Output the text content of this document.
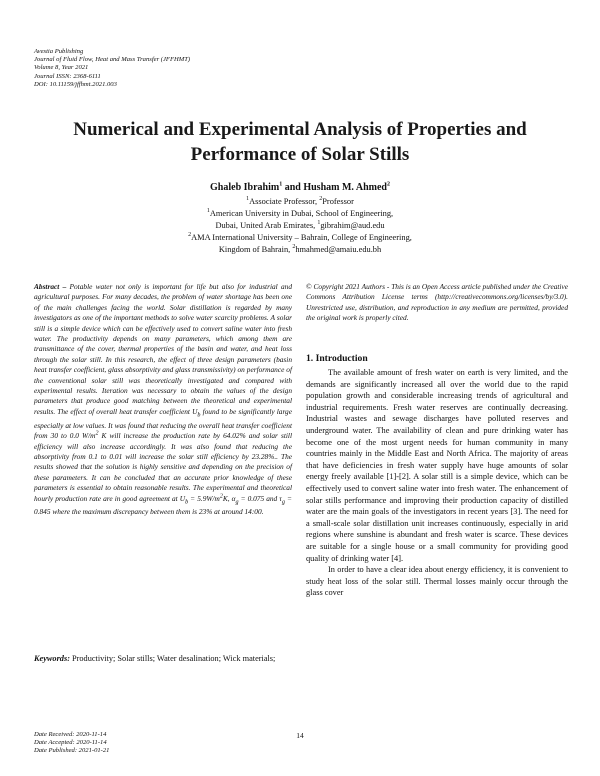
Avestia Publishing
Journal of Fluid Flow, Heat and Mass Transfer (JFFHMT)
Volume 8, Year 2021
Journal ISSN: 2368-6111
DOI: 10.11159/jffhmt.2021.003
Numerical and Experimental Analysis of Properties and Performance of Solar Stills
Ghaleb Ibrahim$^1$ and Husham M. Ahmed$^2$
$^1$Associate Professor, $^2$Professor
$^1$American University in Dubai, School of Engineering,
Dubai, United Arab Emirates, $^1$gibrahim@aud.edu
$^2$AMA International University – Bahrain, College of Engineering,
Kingdom of Bahrain, $^2$hmahmed@amaiu.edu.bh
Abstract – Potable water not only is important for life but also for industrial and agricultural purposes. For many decades, the problem of water shortage has been one of the main challenges facing the world. Solar distillation is regarded by many investigators as one of the important methods to solve water scarcity problems. A solar still is a simple device which can be effectively used to convert saline water into fresh water. The productivity depends on many parameters, which among them are transmittance of the cover, thermal properties of the basin and water, and heat loss through the solar still. In this research, the effect of three design parameters (basin heat transfer coefficient, glass absorptivity and glass transmissivity) on performance of the conventional solar still was theoretically investigated and compared with experimental results. Iteration was necessary to obtain the values of the design parameters that produce good matching between the theoretical and experimental results. The effect of overall heat transfer coefficient $U_b$ found to be significantly large especially at low values. It was found that reducing the overall heat transfer coefficient from 30 to 0.0 $W/m^2$ K will increase the production rate by 64.02% and solar still efficiency will also increase accordingly. It was also found that reducing the absorptivity from 0.1 to 0.01 will increase the solar still efficiency by 23.28%.. The results showed that the solution is highly sensitive and depending on the precision of these parameters. It can be concluded that an accurate prior knowledge of these parameters is essential to obtain reasonable results. The experimental and theoretical hourly production rate are in good agreement at $U_b = 5.9W/m^2K$, $\alpha_g = 0.075$ and $\tau_g = 0.845$ where the maximum discrepancy between them is 23% at around 14:00.
Keywords: Productivity; Solar stills; Water desalination; Wick materials;
© Copyright 2021 Authors - This is an Open Access article published under the Creative Commons Attribution License terms (http://creativecommons.org/licenses/by/3.0). Unrestricted use, distribution, and reproduction in any medium are permitted, provided the original work is properly cited.
1. Introduction

The available amount of fresh water on earth is very limited, and the demands are significantly increased all over the world due to the rapid population growth and considerable increasing trends of agricultural and industrial requirements. Fresh water reserves are continually decreasing. Industrial wastes and sewage discharges have polluted reserves and underground water. The availability of clean and pure drinking water has become one of the most urgent needs for human community in many countries mainly in the Middle East and North Africa. The majority of areas that have deficiencies in fresh water supply have huge amounts of solar energy freely available [1]-[2]. A solar still is a simple device, which can be effectively used to convert saline water into fresh water. The enhancement of solar stills performance and improving their production capacity of distilled water are the main goals of the investigators in recent years [3]. The need for a small-scale solar distillation unit increases continuously, especially in arid regions where sunshine is abundant and fresh water is scarce. These devices are suitable for a single house or a small community for providing good quality of drinking water [4].

In order to have a clear idea about energy efficiency, it is convenient to study heat loss of the solar still. Thermal losses mainly occur through the glass cover

Date Received: 2020-11-14
Date Accepted: 2020-11-14
Date Published: 2021-01-21
14
